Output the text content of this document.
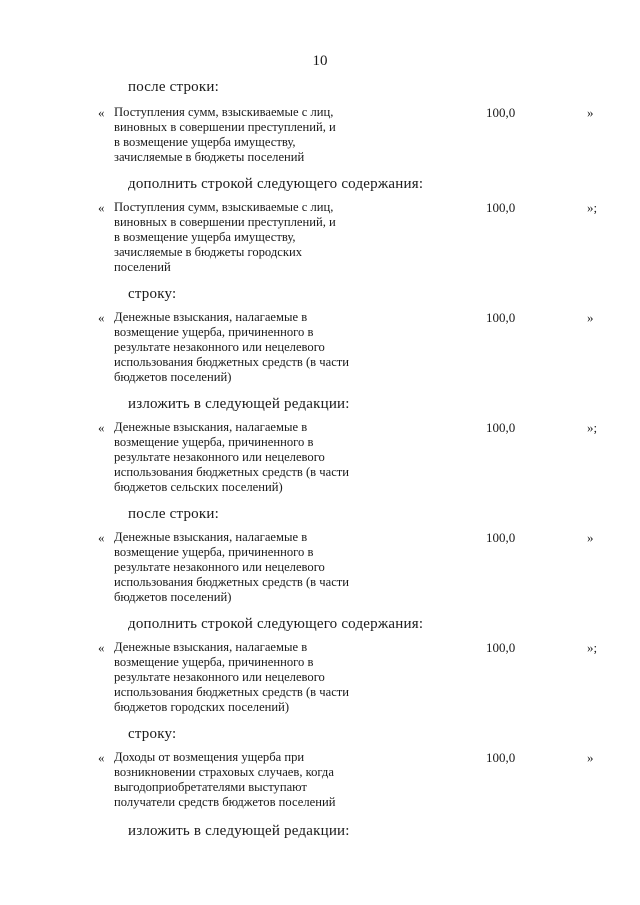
10
после строки:
« Поступления сумм, взыскиваемые с лиц,
виновных в совершении преступлений, и
в возмещение ущерба имуществу,
зачисляемые в бюджеты поселений
100,0	»
дополнить строкой следующего содержания:
« Поступления сумм, взыскиваемые с лиц,
виновных в совершении преступлений, и
в возмещение ущерба имуществу,
зачисляемые в бюджеты городских
поселений
100,0	»;
строку:
« Денежные взыскания, налагаемые в
возмещение ущерба, причиненного в
результате незаконного или нецелевого
использования бюджетных средств (в части
бюджетов поселений)
100,0	»
изложить в следующей редакции:
« Денежные взыскания, налагаемые в
возмещение ущерба, причиненного в
результате незаконного или нецелевого
использования бюджетных средств (в части
бюджетов сельских поселений)
100,0	»;
после строки:
« Денежные взыскания, налагаемые в
возмещение ущерба, причиненного в
результате незаконного или нецелевого
использования бюджетных средств (в части
бюджетов поселений)
100,0	»
дополнить строкой следующего содержания:
« Денежные взыскания, налагаемые в
возмещение ущерба, причиненного в
результате незаконного или нецелевого
использования бюджетных средств (в части
бюджетов городских поселений)
100,0	»;
строку:
« Доходы от возмещения ущерба при
возникновении страховых случаев, когда
выгодоприобретателями выступают
получатели средств бюджетов поселений
100,0	»
изложить в следующей редакции:
